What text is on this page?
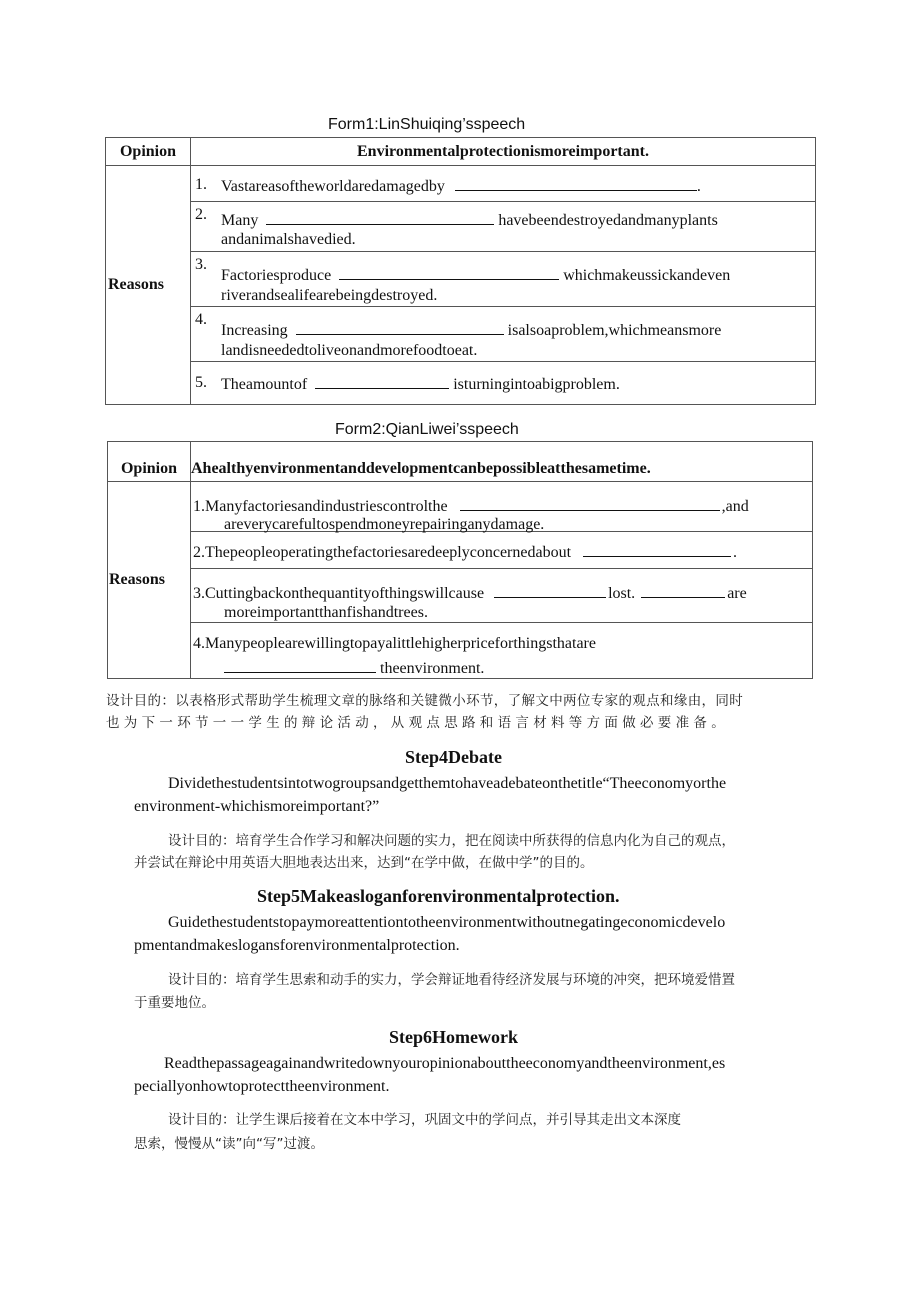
Form1:LinShuiqing’sspeech
Opinion	Environmentalprotectionismoreimportant.
Reasons	1. Vastareasoftheworldaredamagedby .

	2. Many havebeendestroyedandmanyplants
andanimalshavedied.

	3.
Factoriesproduce whichmakeussickandeven
riverandsealifearebeingdestroyed.

	4.
Increasing isalsoaproblem,whichmeansmore
landisneededtoliveonandmorefoodtoeat.

	5. Theamountof isturningintoabigproblem.
Form2:QianLiwei’sspeech
Opinion	Ahealthyenvironmentanddevelopmentcanbepossibleatthesametime.
Reasons	1.Manyfactoriesandindustriescontrolthe ,and
areverycarefultospendmoneyrepairinganydamage.

	2.Thepeopleoperatingthefactoriesaredeeplyconcernedabout .

	3.Cuttingbackonthequantityofthingswillcause lost. are
moreimportantthanfishandtrees.

	4.Manypeoplearewillingtopayalittlehigherpriceforthingsthatare
theenvironment.
设计目的：以表格形式帮助学生梳理文章的脉络和关键微小环节，了解文中两位专家的观点和缘由，同时
也为下一环节一一学生的辩论活动，从观点思路和语言材料等方面做必要准备。
Step4Debate
Dividethestudentsintotwogroupsandgetthemtohaveadebateonthetitle“Theeconomyorthe
environment-whichismoreimportant?”
设计目的：培育学生合作学习和解决问题的实力，把在阅读中所获得的信息内化为自己的观点，
并尝试在辩论中用英语大胆地表达出来，达到“在学中做，在做中学”的目的。
Step5Makeasloganforenvironmentalprotection.
Guidethestudentstopaymoreattentiontotheenvironmentwithoutnegatingeconomicdevelo
pmentandmakeslogansforenvironmentalprotection.
设计目的：培育学生思索和动手的实力，学会辩证地看待经济发展与环境的冲突，把环境爱惜置
于重要地位。
Step6Homework
Readthepassageagainandwritedownyouropinionabouttheeconomyandtheenvironment,es
peciallyonhowtoprotecttheenvironment.
设计目的：让学生课后接着在文本中学习，巩固文中的学问点，并引导其走出文本深度
思索，慢慢从“读”向“写”过渡。
